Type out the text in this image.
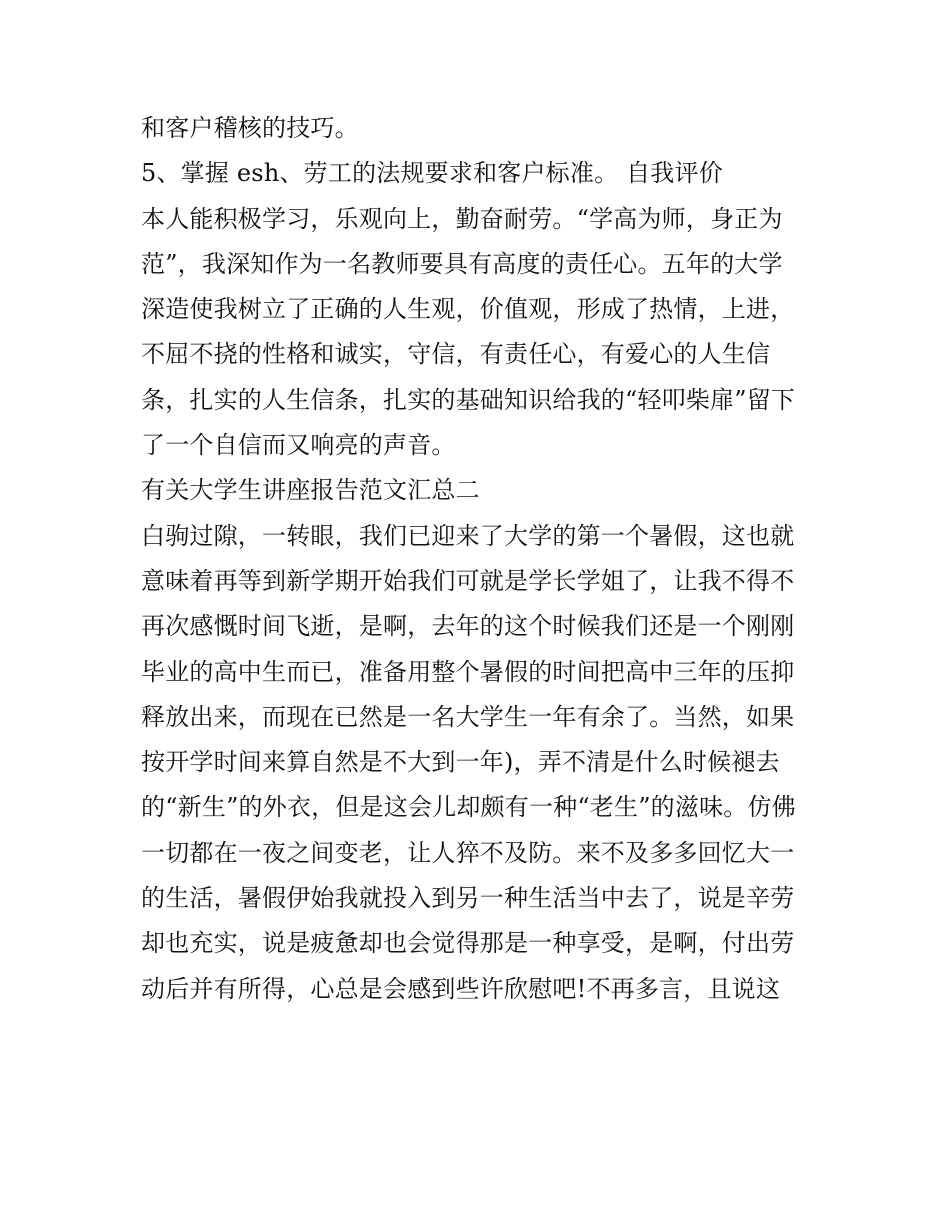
和客户稽核的技巧。
5、掌握 esh、劳工的法规要求和客户标准。 自我评价
本人能积极学习，乐观向上，勤奋耐劳。“学高为师，身正为
范”，我深知作为一名教师要具有高度的责任心。五年的大学
深造使我树立了正确的人生观，价值观，形成了热情，上进，
不屈不挠的性格和诚实，守信，有责任心，有爱心的人生信
条，扎实的人生信条，扎实的基础知识给我的“轻叩柴扉”留下
了一个自信而又响亮的声音。
有关大学生讲座报告范文汇总二
白驹过隙，一转眼，我们已迎来了大学的第一个暑假，这也就
意味着再等到新学期开始我们可就是学长学姐了，让我不得不
再次感慨时间飞逝，是啊，去年的这个时候我们还是一个刚刚
毕业的高中生而已，准备用整个暑假的时间把高中三年的压抑
释放出来，而现在已然是一名大学生一年有余了。当然，如果
按开学时间来算自然是不大到一年)，弄不清是什么时候褪去
的“新生”的外衣，但是这会儿却颇有一种“老生”的滋味。仿佛
一切都在一夜之间变老，让人猝不及防。来不及多多回忆大一
的生活，暑假伊始我就投入到另一种生活当中去了，说是辛劳
却也充实，说是疲惫却也会觉得那是一种享受，是啊，付出劳
动后并有所得，心总是会感到些许欣慰吧!不再多言，且说这
